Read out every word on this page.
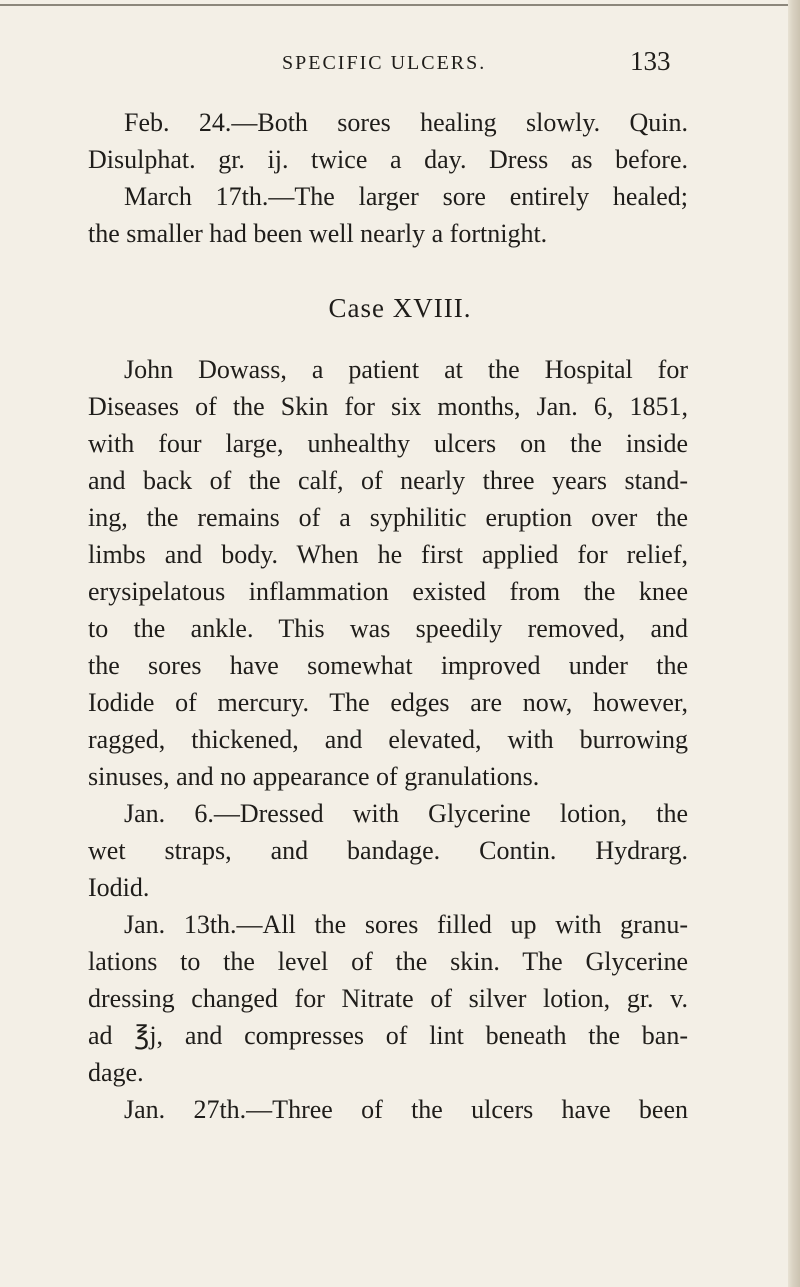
SPECIFIC ULCERS.	133
Feb. 24.—Both sores healing slowly. Quin.
Disulphat. gr. ij. twice a day. Dress as before.
March 17th.—The larger sore entirely healed;
the smaller had been well nearly a fortnight.
Case XVIII.
John Dowass, a patient at the Hospital for
Diseases of the Skin for six months, Jan. 6, 1851,
with four large, unhealthy ulcers on the inside
and back of the calf, of nearly three years stand-
ing, the remains of a syphilitic eruption over the
limbs and body. When he first applied for relief,
erysipelatous inflammation existed from the knee
to the ankle. This was speedily removed, and
the sores have somewhat improved under the
Iodide of mercury. The edges are now, however,
ragged, thickened, and elevated, with burrowing
sinuses, and no appearance of granulations.
Jan. 6.—Dressed with Glycerine lotion, the
wet straps, and bandage. Contin. Hydrarg.
Iodid.
Jan. 13th.—All the sores filled up with granu-
lations to the level of the skin. The Glycerine
dressing changed for Nitrate of silver lotion, gr. v.
ad ℥j, and compresses of lint beneath the ban-
dage.
Jan. 27th.—Three of the ulcers have been
